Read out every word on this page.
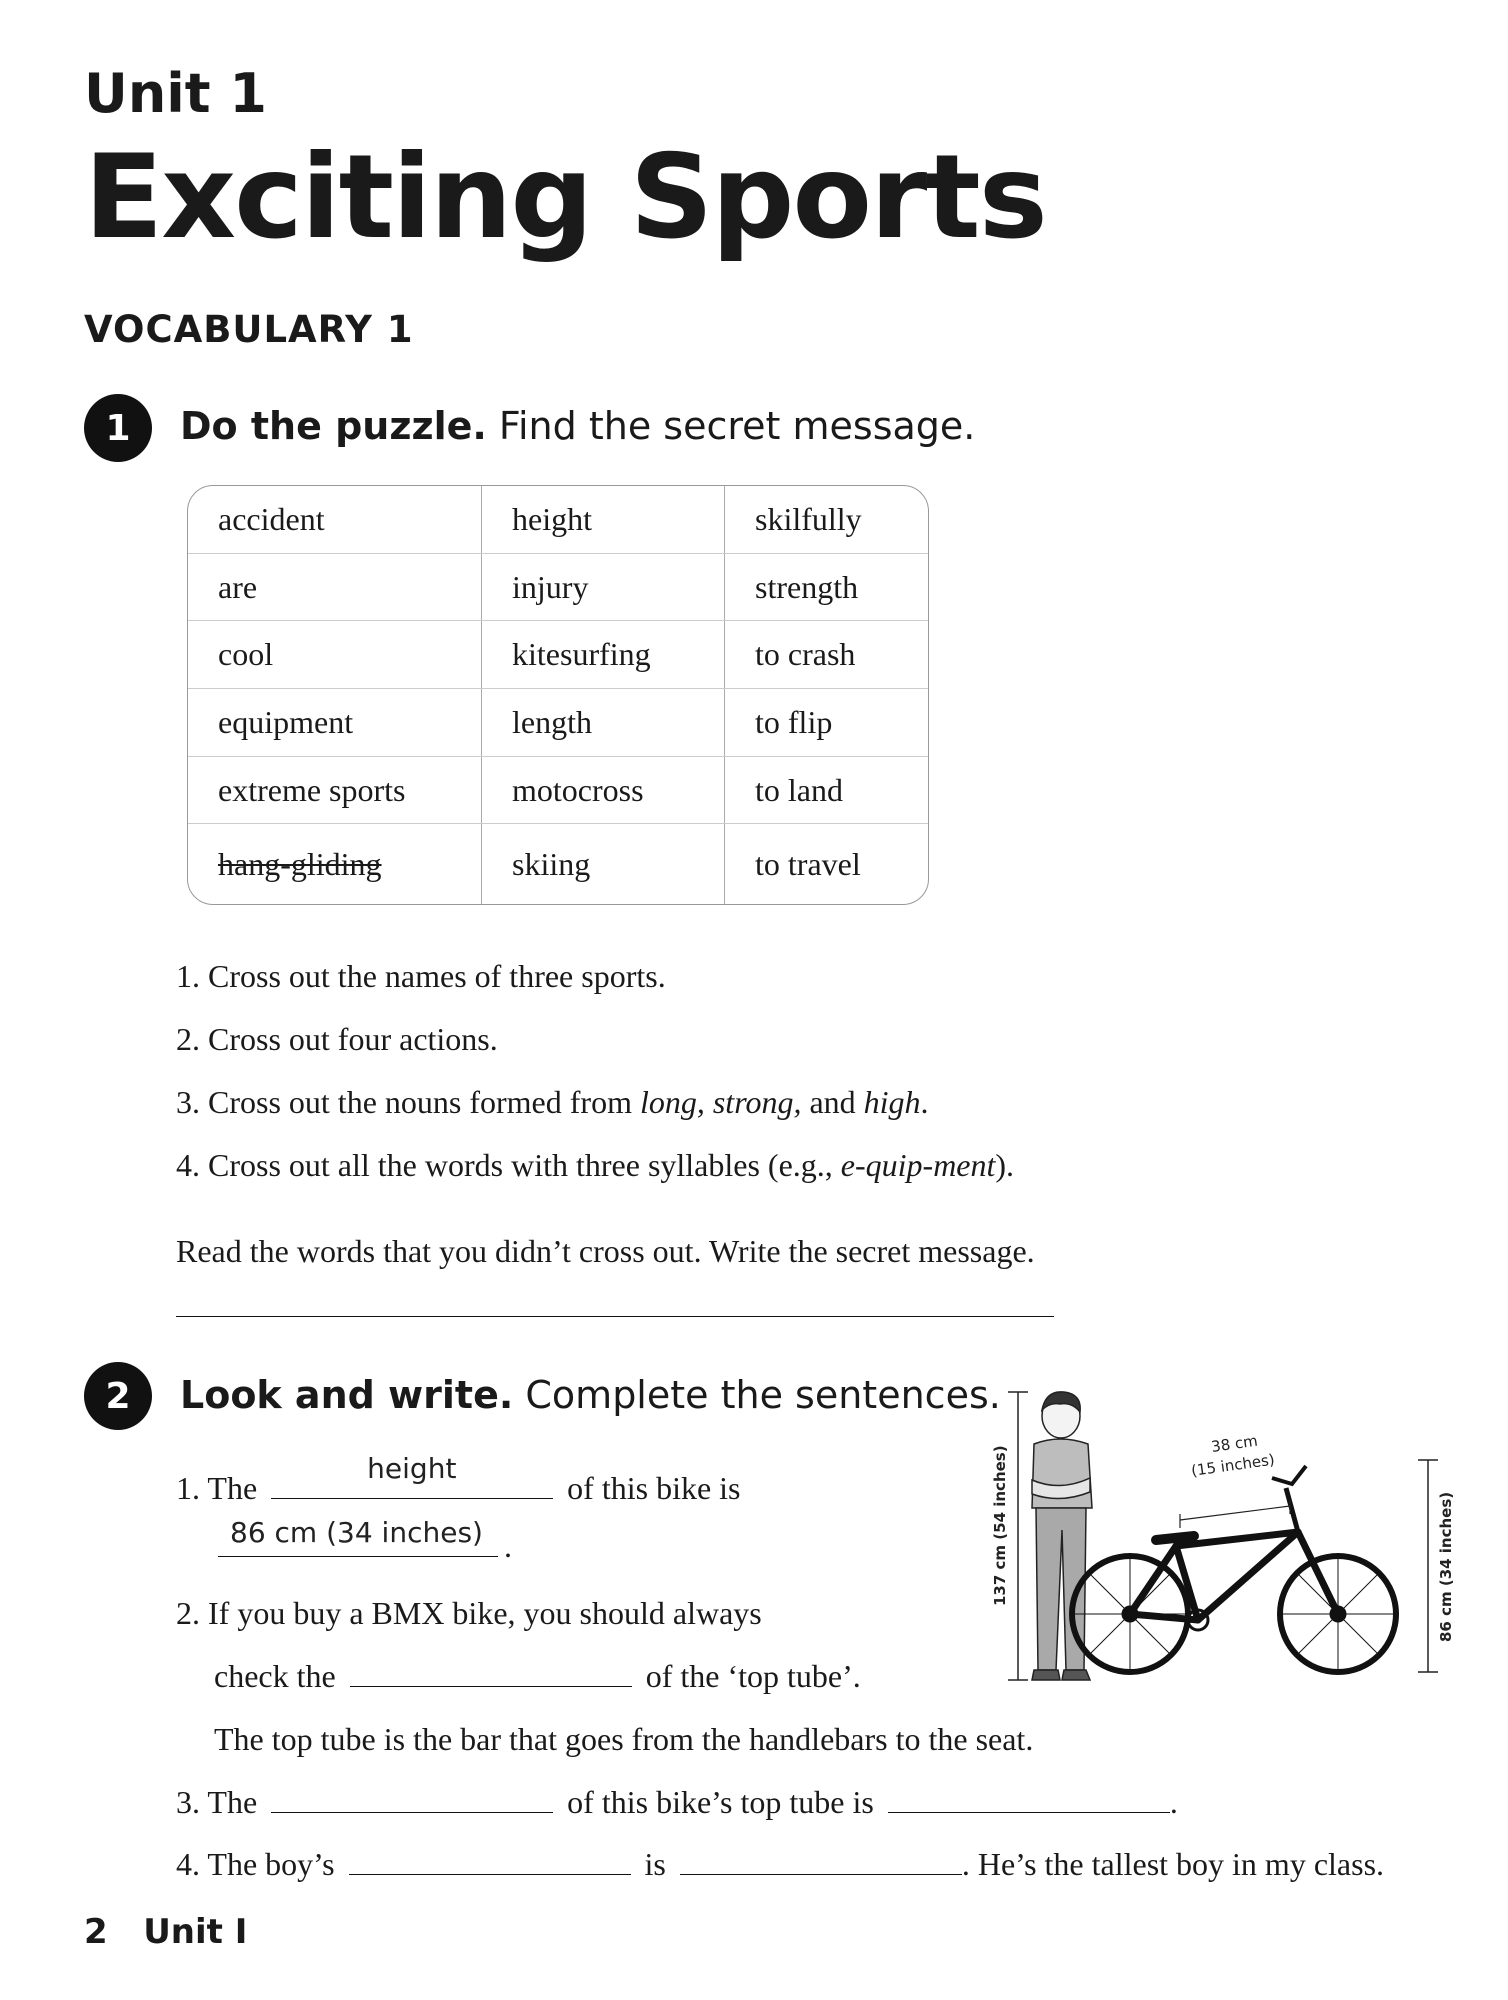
Unit 1
Exciting Sports
VOCABULARY 1
1	Do the puzzle. Find the secret message.
accident	height	skilfully
are	injury	strength
cool	kitesurfing	to crash
equipment	length	to flip
extreme sports	motocross	to land
hang-gliding	skiing	to travel
1. Cross out the names of three sports.
2. Cross out four actions.
3. Cross out the nouns formed from long, strong, and high.
4. Cross out all the words with three syllables (e.g., e-quip-ment).
Read the words that you didn’t cross out. Write the secret message.
2	Look and write. Complete the sentences.
1. The
height
of this bike is
86 cm (34 inches) .
2. If you buy a BMX bike, you should always
check the	of the ‘top tube’.
The top tube is the bar that goes from the handlebars to the seat.
3. The	of this bike’s top tube is	.
4. The boy’s	is	. He’s the tallest boy in my class.
137 cm (54 inches)
38 cm
(15 inches)
86 cm (34 inches)
2 Unit I
